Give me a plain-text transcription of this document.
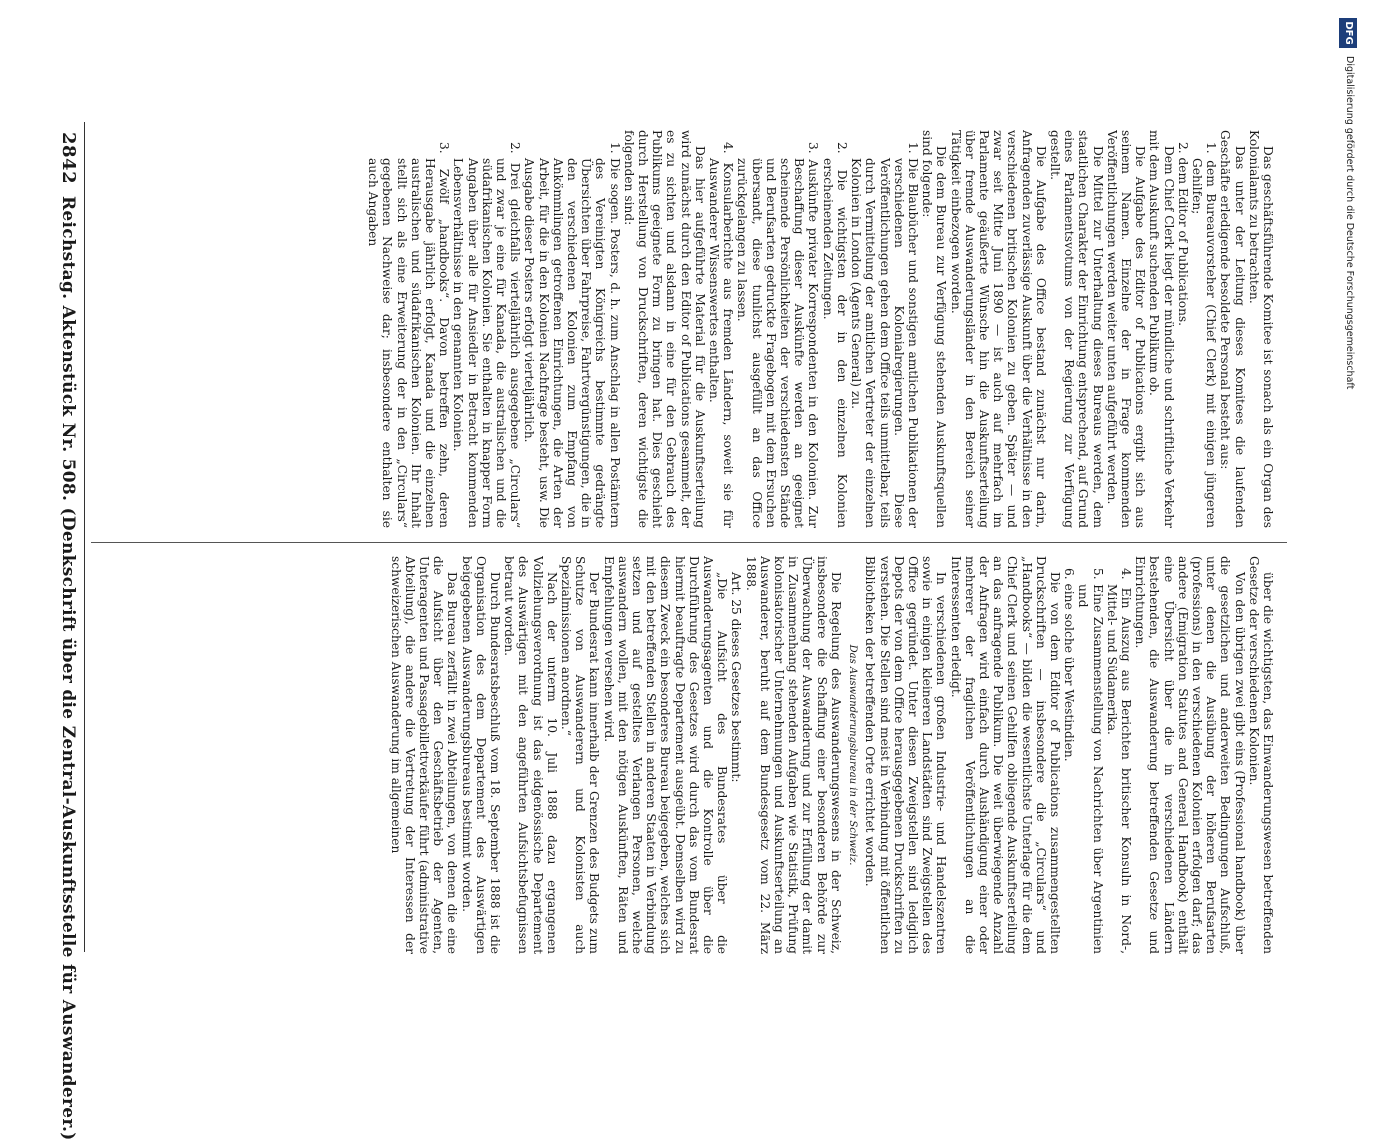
DFG
Digitalisierung gefördert durch die Deutsche Forschungsgemeinschaft

über die wichtigsten, das Einwanderungswesen betreffenden Gesetze der verschiedenen Kolonien.

Von den übrigen zwei gibt eins (Professional handbook) über die gesetzlichen und anderweiten Bedingungen Aufschluß, unter denen die Ausübung der höheren Berufsarten (professions) in den verschiedenen Kolonien erfolgen darf; das andere (Emigration Statutes and General Handbook) enthält eine Übersicht über die in verschiedenen Ländern bestehenden, die Auswanderung betreffenden Gesetze und Einrichtungen.

4. Ein Auszug aus Berichten britischer Konsuln in Nord-, Mittel- und Südamerika.

5. Eine Zusammenstellung von Nachrichten über Argentinien und

6. eine solche über Westindien.

Die von dem Editor of Publications zusammengestellten Druckschriften — insbesondere die „Circulars“ und „Handbooks“ — bilden die wesentlichste Unterlage für die dem Chief Clerk und seinen Gehilfen obliegende Auskunftserteilung an das anfragende Publikum. Die weit überwiegende Anzahl der Anfragen wird einfach durch Aushändigung einer oder mehrerer der fraglichen Veröffentlichungen an die Interessenten erledigt.

In verschiedenen großen Industrie- und Handelszentren sowie in einigen kleineren Landstädten sind Zweigstellen des Office gegründet. Unter diesen Zweigstellen sind lediglich Depots der von dem Office herausgegebenen Druckschriften zu verstehen. Die Stellen sind meist in Verbindung mit öffentlichen Bibliotheken der betreffenden Orte errichtet worden.

Das Auswanderungsbureau in der Schweiz.

Die Regelung des Auswanderungswesens in der Schweiz, insbesondere die Schaffung einer besonderen Behörde zur Überwachung der Auswanderung und zur Erfüllung der damit in Zusammenhang stehenden Aufgaben wie Statistik, Prüfung kolonisatorischer Unternehmungen und Auskunftserteilung an Auswanderer, beruht auf dem Bundesgesetz vom 22. März 1888.

Art. 25 dieses Gesetzes bestimmt:

„Die Aufsicht des Bundesrates über die Auswanderungsagenten und die Kontrolle über die Durchführung des Gesetzes wird durch das vom Bundesrat hiermit beauftragte Departement ausgeübt. Demselben wird zu diesem Zweck ein besonderes Bureau beigegeben, welches sich mit den betreffenden Stellen in anderen Staaten in Verbindung setzen und auf gestelltes Verlangen Personen, welche auswandern wollen, mit den nötigen Auskünften, Räten und Empfehlungen versehen wird.

Der Bundesrat kann innerhalb der Grenzen des Budgets zum Schutze von Auswanderern und Kolonisten auch Spezialmissionen anordnen.“

Nach der unterm 10. Juli 1888 dazu ergangenen Vollziehungsverordnung ist das eidgenössische Departement des Auswärtigen mit den angeführten Aufsichtsbefugnissen betraut worden.

Durch Bundesratsbeschluß vom 18. September 1888 ist die Organisation des dem Departement des Auswärtigen beigegebenen Auswanderungsbureaus bestimmt worden.

Das Bureau zerfällt in zwei Abteilungen, von denen die eine die Aufsicht über den Geschäftsbetrieb der Agenten, Unteragenten und Passagebillettverkäufer führt (administrative Abteilung), die andere die Vertretung der Interessen der schweizerischen Auswanderung im allgemeinen

Das geschäftsführende Komitee ist sonach als ein Organ des Kolonialamts zu betrachten.

Das unter der Leitung dieses Komitees die laufenden Geschäfte erledigende besoldete Personal besteht aus:

1. dem Bureauvorsteher (Chief Clerk) mit einigen jüngeren Gehilfen;

2. dem Editor of Publications.

Dem Chief Clerk liegt der mündliche und schriftliche Verkehr mit dem Auskunft suchenden Publikum ob.

Die Aufgabe des Editor of Publications ergibt sich aus seinem Namen. Einzelne der in Frage kommenden Veröffentlichungen werden weiter unten aufgeführt werden.

Die Mittel zur Unterhaltung dieses Bureaus werden, dem staatlichen Charakter der Einrichtung entsprechend, auf Grund eines Parlamentsvotums von der Regierung zur Verfügung gestellt.

Die Aufgabe des Office bestand zunächst nur darin, Anfragenden zuverlässige Auskunft über die Verhältnisse in den verschiedenen britischen Kolonien zu geben. Später — und zwar seit Mitte Juni 1890 — ist auch auf mehrfach im Parlamente geäußerte Wünsche hin die Auskunftserteilung über fremde Auswanderungsländer in den Bereich seiner Tätigkeit einbezogen worden.

Die dem Bureau zur Verfügung stehenden Auskunftsquellen sind folgende:

1. Die Blaubücher und sonstigen amtlichen Publikationen der verschiedenen Kolonialregierungen. Diese Veröffentlichungen gehen dem Office teils unmittelbar, teils durch Vermittelung der amtlichen Vertreter der einzelnen Kolonien in London (Agents General) zu.

2. Die wichtigsten der in den einzelnen Kolonien erscheinenden Zeitungen.

3. Auskünfte privater Korrespondenten in den Kolonien. Zur Beschaffung dieser Auskünfte werden an geeignet scheinende Persönlichkeiten der verschiedensten Stände und Berufsarten gedruckte Fragebogen mit dem Ersuchen übersandt, diese tunlichst ausgefüllt an das Office zurückgelangen zu lassen.

4. Konsularberichte aus fremden Ländern, soweit sie für Auswanderer Wissenswertes enthalten.

Das hier aufgeführte Material für die Auskunftserteilung wird zunächst durch den Editor of Publications gesammelt, der es zu sichten und alsdann in eine für den Gebrauch des Publikums geeignete Form zu bringen hat. Dies geschieht durch Herstellung von Druckschriften, deren wichtigste die folgenden sind:

1. Die sogen. Posters, d. h. zum Anschlag in allen Postämtern des Vereinigten Königreichs bestimmte gedrängte Übersichten über Fahrpreise, Fahrtvergünstigungen, die in den verschiedenen Kolonien zum Empfang von Ankömmlingen getroffenen Einrichtungen, die Arten der Arbeit, für die in den Kolonien Nachfrage besteht, usw. Die Ausgabe dieser Posters erfolgt vierteljährlich.

2. Drei gleichfalls vierteljährlich ausgegebene „Circulars“ und zwar je eine für Kanada, die australischen und die südafrikanischen Kolonien. Sie enthalten in knapper Form Angaben über alle für Ansiedler in Betracht kommenden Lebensverhältnisse in den genannten Kolonien.

3. Zwölf „handbooks“. Davon betreffen zehn, deren Herausgabe jährlich erfolgt, Kanada und die einzelnen australischen und südafrikanischen Kolonien. Ihr Inhalt stellt sich als eine Erweiterung der in den „Circulars“ gegebenen Nachweise dar; insbesondere enthalten sie auch Angaben

2842
Reichstag. Aktenstück Nr. 508. (Denkschrift über die Zentral-Auskunftsstelle für Auswanderer.)
